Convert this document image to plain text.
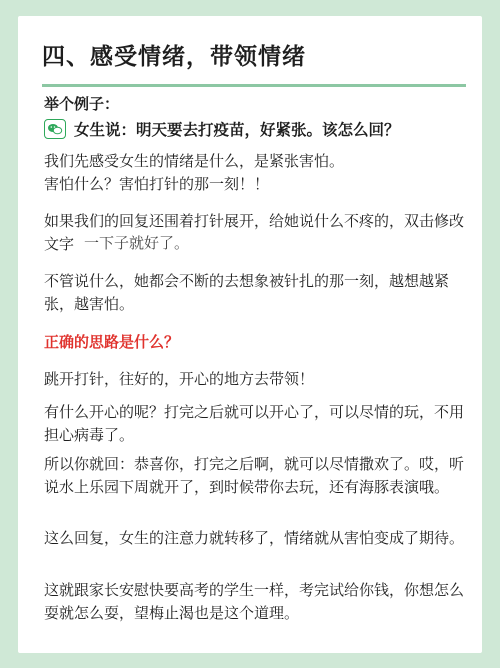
四、感受情绪，带领情绪
举个例子：
女生说：明天要去打疫苗，好紧张。该怎么回？

我们先感受女生的情绪是什么，是紧张害怕。

害怕什么？害怕打针的那一刻！！

如果我们的回复还围着打针展开，给她说什么不疼的，双击修改文字 一下子就好了。

不管说什么，她都会不断的去想象被针扎的那一刻，越想越紧张，越害怕。

正确的思路是什么？

跳开打针，往好的，开心的地方去带领！

有什么开心的呢？打完之后就可以开心了，可以尽情的玩，不用担心病毒了。

所以你就回：恭喜你，打完之后啊，就可以尽情撒欢了。哎，听说水上乐园下周就开了，到时候带你去玩，还有海豚表演哦。

这么回复，女生的注意力就转移了，情绪就从害怕变成了期待。

这就跟家长安慰快要高考的学生一样，考完试给你钱，你想怎么耍就怎么耍，望梅止渴也是这个道理。
